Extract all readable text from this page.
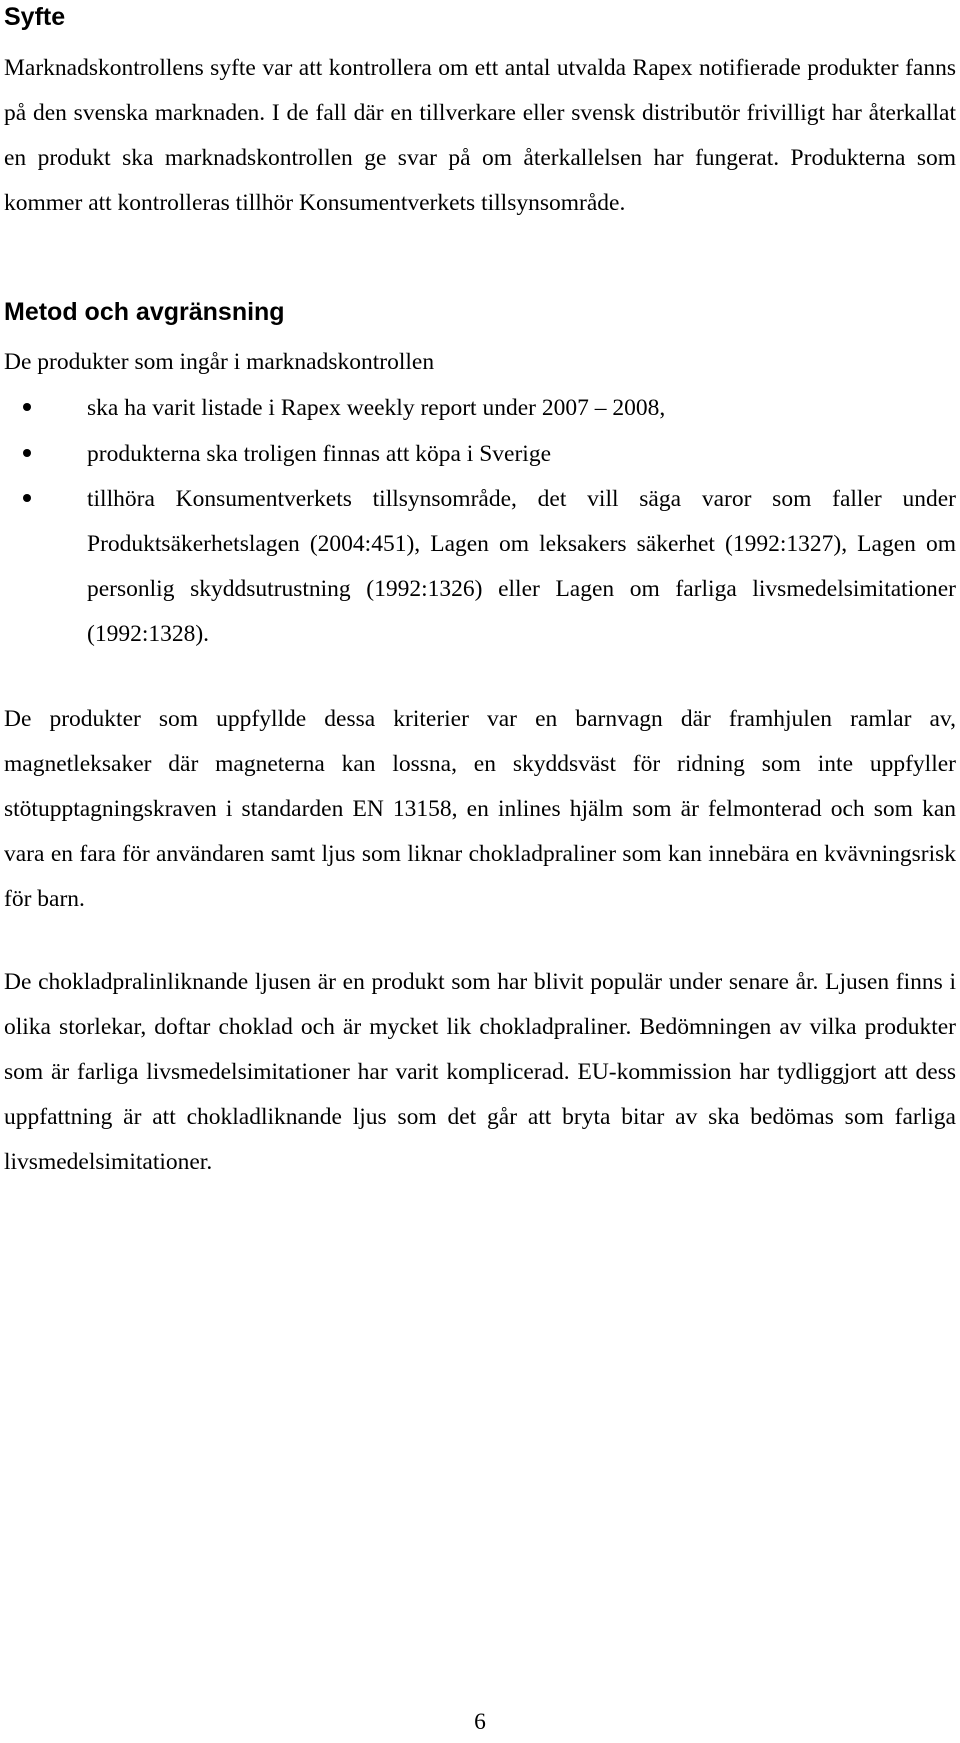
Syfte

Marknadskontrollens syfte var att kontrollera om ett antal utvalda Rapex notifierade produkter fanns på den svenska marknaden. I de fall där en tillverkare eller svensk distributör frivilligt har återkallat en produkt ska marknadskontrollen ge svar på om återkallelsen har fungerat. Produkterna som kommer att kontrolleras tillhör Konsumentverkets tillsynsområde.

Metod och avgränsning

De produkter som ingår i marknadskontrollen

ska ha varit listade i Rapex weekly report under 2007 – 2008,
produkterna ska troligen finnas att köpa i Sverige
tillhöra Konsumentverkets tillsynsområde, det vill säga varor som faller under Produktsäkerhetslagen (2004:451), Lagen om leksakers säkerhet (1992:1327), Lagen om personlig skyddsutrustning (1992:1326) eller Lagen om farliga livsmedelsimitationer (1992:1328).

De produkter som uppfyllde dessa kriterier var en barnvagn där framhjulen ramlar av, magnetleksaker där magneterna kan lossna, en skyddsväst för ridning som inte uppfyller stötupptagningskraven i standarden EN 13158, en inlines hjälm som är felmonterad och som kan vara en fara för användaren samt ljus som liknar chokladpraliner som kan innebära en kvävningsrisk för barn.

De chokladpralinliknande ljusen är en produkt som har blivit populär under senare år. Ljusen finns i olika storlekar, doftar choklad och är mycket lik chokladpraliner. Bedömningen av vilka produkter som är farliga livsmedelsimitationer har varit komplicerad. EU-kommission har tydliggjort att dess uppfattning är att chokladliknande ljus som det går att bryta bitar av ska bedömas som farliga livsmedelsimitationer.

6
